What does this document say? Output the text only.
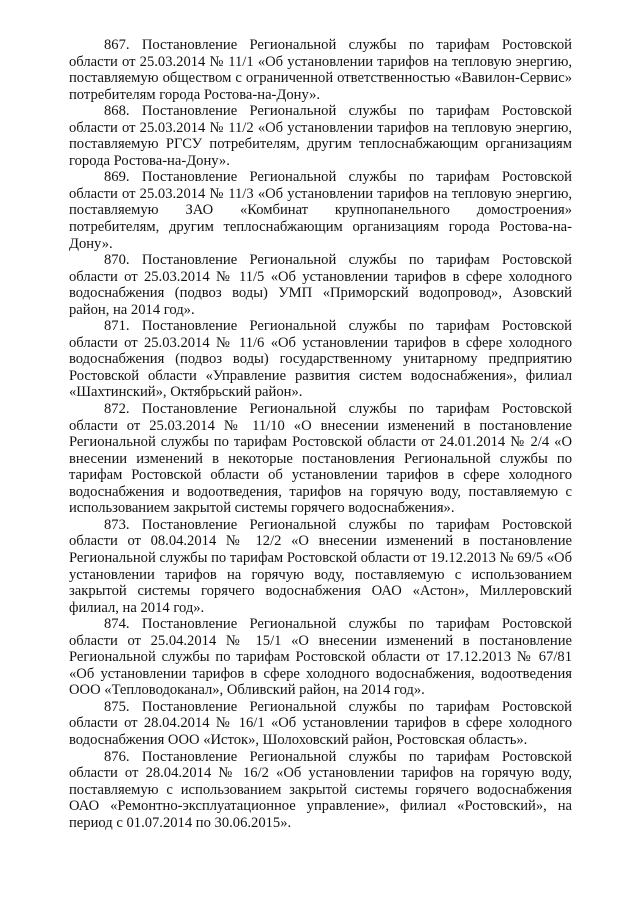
867. Постановление Региональной службы по тарифам Ростовской области от 25.03.2014 № 11/1 «Об установлении тарифов на тепловую энергию, поставляемую обществом с ограниченной ответственностью «Вавилон-Сервис» потребителям города Ростова-на-Дону».

868. Постановление Региональной службы по тарифам Ростовской области от 25.03.2014 № 11/2 «Об установлении тарифов на тепловую энергию, поставляемую РГСУ потребителям, другим теплоснабжающим организациям города Ростова-на-Дону».

869. Постановление Региональной службы по тарифам Ростовской области от 25.03.2014 № 11/3 «Об установлении тарифов на тепловую энергию, поставляемую ЗАО «Комбинат крупнопанельного домостроения» потребителям, другим теплоснабжающим организациям города Ростова-на-Дону».

870. Постановление Региональной службы по тарифам Ростовской области от 25.03.2014 № 11/5 «Об установлении тарифов в сфере холодного водоснабжения (подвоз воды) УМП «Приморский водопровод», Азовский район, на 2014 год».

871. Постановление Региональной службы по тарифам Ростовской области от 25.03.2014 № 11/6 «Об установлении тарифов в сфере холодного водоснабжения (подвоз воды) государственному унитарному предприятию Ростовской области «Управление развития систем водоснабжения», филиал «Шахтинский», Октябрьский район».

872. Постановление Региональной службы по тарифам Ростовской области от 25.03.2014 № 11/10 «О внесении изменений в постановление Региональной службы по тарифам Ростовской области от 24.01.2014 № 2/4 «О внесении изменений в некоторые постановления Региональной службы по тарифам Ростовской области об установлении тарифов в сфере холодного водоснабжения и водоотведения, тарифов на горячую воду, поставляемую с использованием закрытой системы горячего водоснабжения».

873. Постановление Региональной службы по тарифам Ростовской области от 08.04.2014 № 12/2 «О внесении изменений в постановление Региональной службы по тарифам Ростовской области от 19.12.2013 № 69/5 «Об установлении тарифов на горячую воду, поставляемую с использованием закрытой системы горячего водоснабжения ОАО «Астон», Миллеровский филиал, на 2014 год».

874. Постановление Региональной службы по тарифам Ростовской области от 25.04.2014 № 15/1 «О внесении изменений в постановление Региональной службы по тарифам Ростовской области от 17.12.2013 № 67/81 «Об установлении тарифов в сфере холодного водоснабжения, водоотведения ООО «Тепловодоканал», Обливский район, на 2014 год».

875. Постановление Региональной службы по тарифам Ростовской области от 28.04.2014 № 16/1 «Об установлении тарифов в сфере холодного водоснабжения ООО «Исток», Шолоховский район, Ростовская область».

876. Постановление Региональной службы по тарифам Ростовской области от 28.04.2014 № 16/2 «Об установлении тарифов на горячую воду, поставляемую с использованием закрытой системы горячего водоснабжения ОАО «Ремонтно-эксплуатационное управление», филиал «Ростовский», на период с 01.07.2014 по 30.06.2015».
